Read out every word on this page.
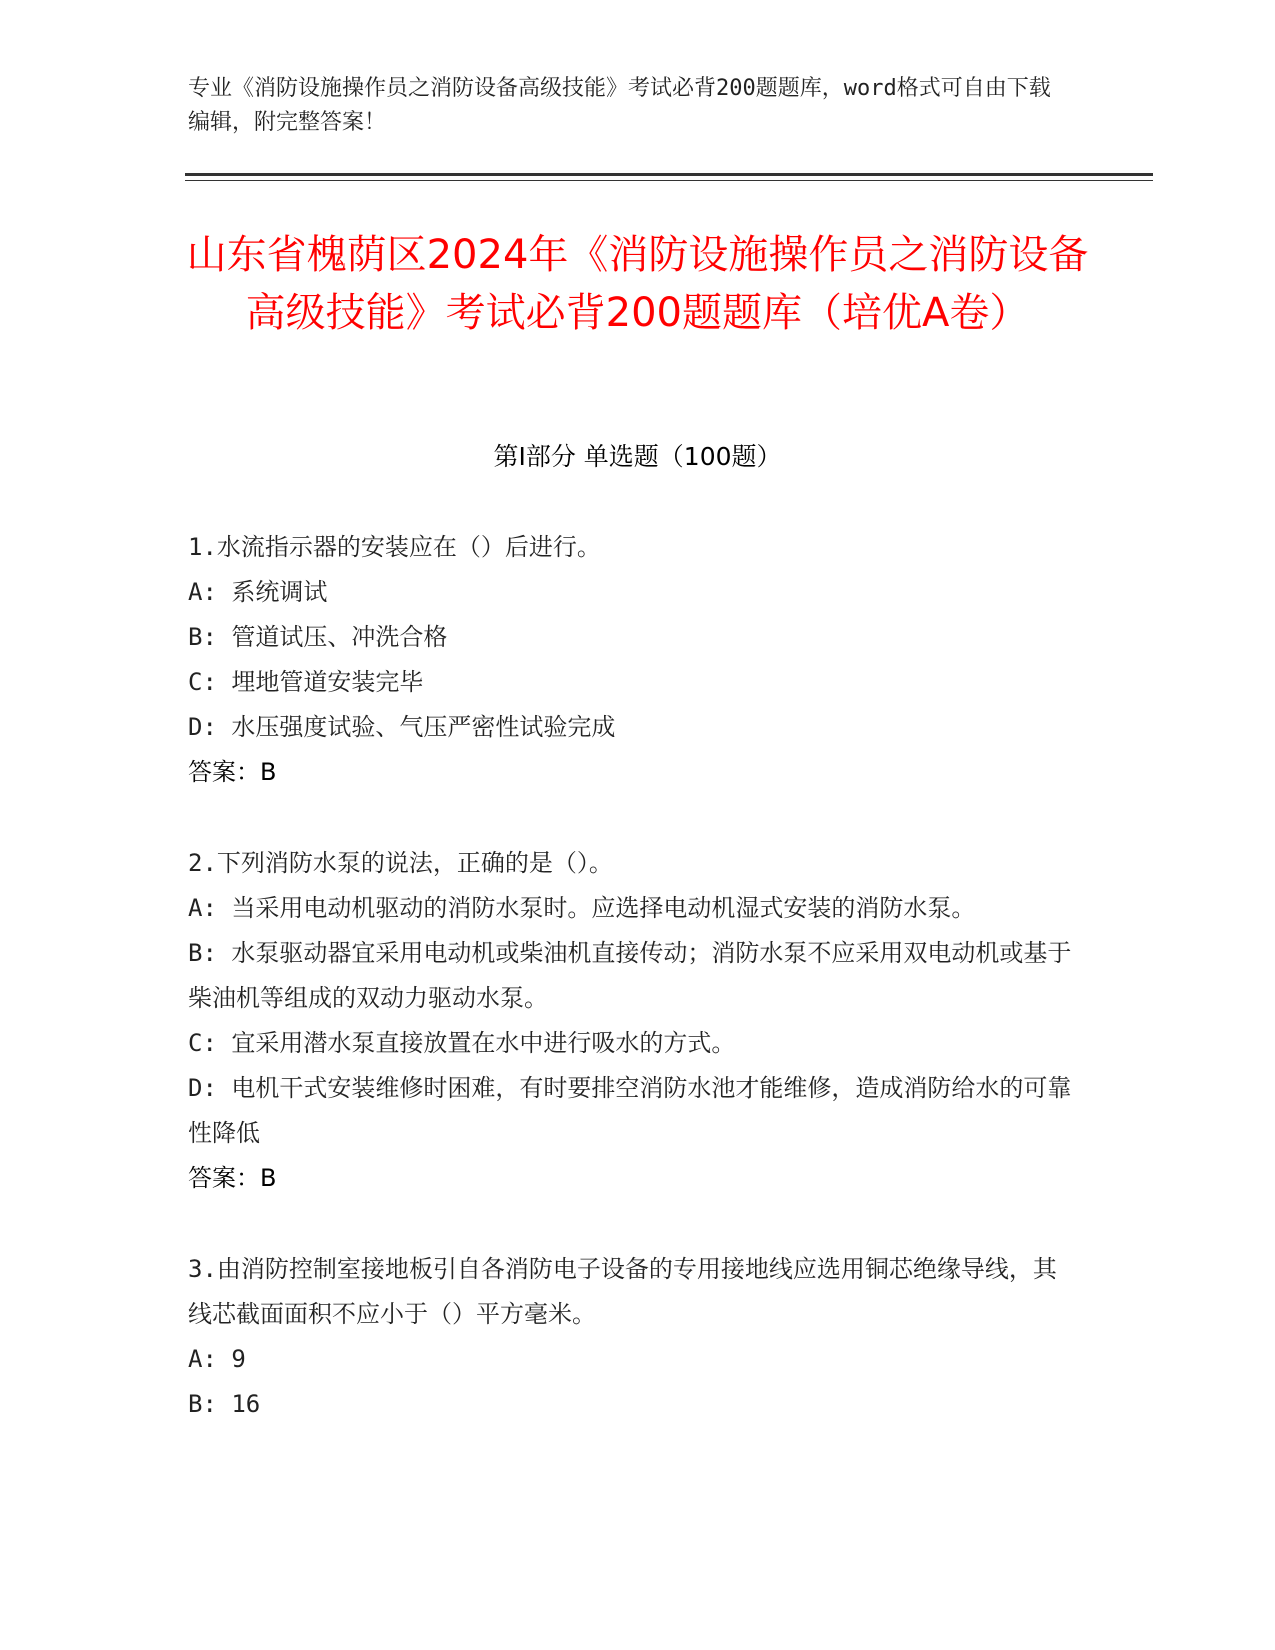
专业《消防设施操作员之消防设备高级技能》考试必背200题题库，word格式可自由下载编辑，附完整答案！

山东省槐荫区2024年《消防设施操作员之消防设备高级技能》考试必背200题题库（培优A卷）
第Ⅰ部分 单选题（100题）

1.水流指示器的安装应在（）后进行。

A: 系统调试

B: 管道试压、冲洗合格

C: 埋地管道安装完毕

D: 水压强度试验、气压严密性试验完成

答案：B

2.下列消防水泵的说法，正确的是（）。

A: 当采用电动机驱动的消防水泵时。应选择电动机湿式安装的消防水泵。

B: 水泵驱动器宜采用电动机或柴油机直接传动；消防水泵不应采用双电动机或基于柴油机等组成的双动力驱动水泵。

C: 宜采用潜水泵直接放置在水中进行吸水的方式。

D: 电机干式安装维修时困难，有时要排空消防水池才能维修，造成消防给水的可靠性降低

答案：B

3.由消防控制室接地板引自各消防电子设备的专用接地线应选用铜芯绝缘导线，其线芯截面面积不应小于（）平方毫米。

A: 9

B: 16
